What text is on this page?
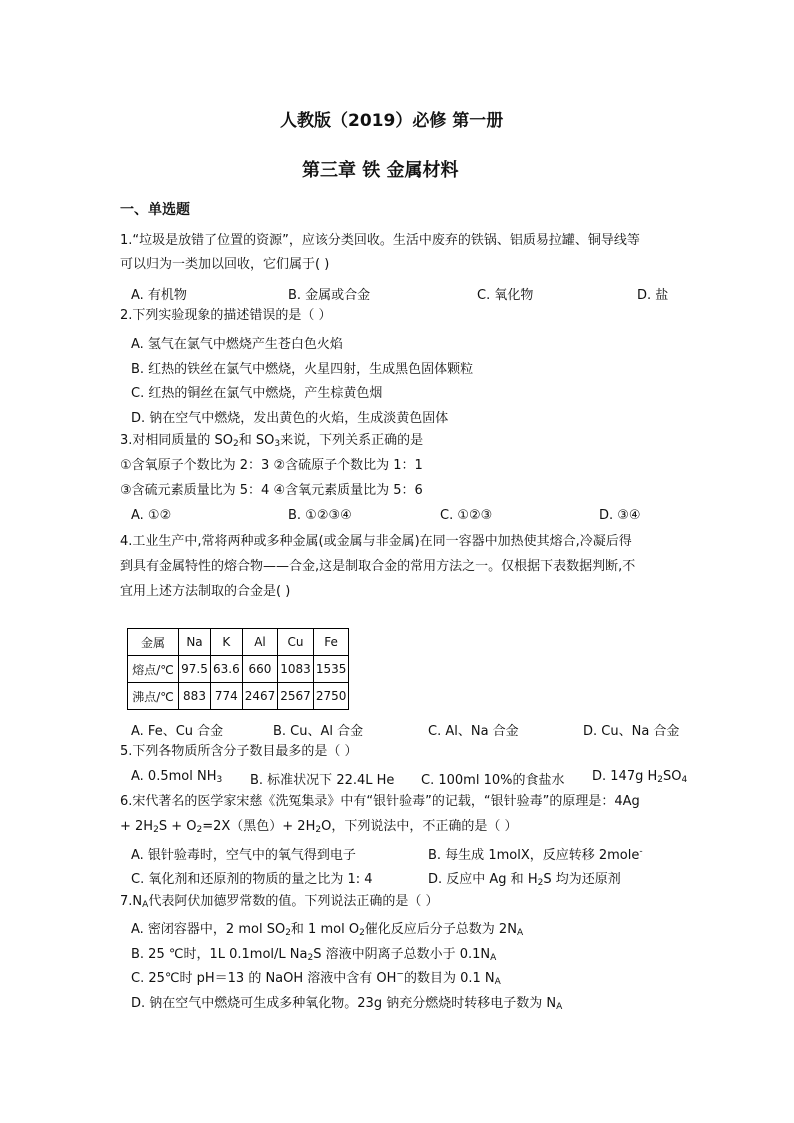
人教版（2019）必修 第一册
第三章 铁 金属材料
一、单选题
1.“垃圾是放错了位置的资源”，应该分类回收。生活中废弃的铁锅、铝质易拉罐、铜导线等
可以归为一类加以回收，它们属于( )
A. 有机物	B. 金属或合金	C. 氧化物	D. 盐
2.下列实验现象的描述错误的是（ ）
A. 氢气在氯气中燃烧产生苍白色火焰
B. 红热的铁丝在氯气中燃烧，火星四射，生成黑色固体颗粒
C. 红热的铜丝在氯气中燃烧，产生棕黄色烟
D. 钠在空气中燃烧，发出黄色的火焰，生成淡黄色固体
3.对相同质量的 $SO_2$和 $SO_3$来说，下列关系正确的是
①含氧原子个数比为 2：3 ②含硫原子个数比为 1：1
③含硫元素质量比为 5：4 ④含氧元素质量比为 5：6
A. ①②	B. ①②③④	C. ①②③	D. ③④
4.工业生产中,常将两种或多种金属(或金属与非金属)在同一容器中加热使其熔合,冷凝后得
到具有金属特性的熔合物——合金,这是制取合金的常用方法之一。仅根据下表数据判断,不
宜用上述方法制取的合金是( )
金属	Na	K	Al	Cu	Fe
熔点/℃	97.5	63.6	660	1083	1535
沸点/℃	883	774	2467	2567	2750
A. Fe、Cu 合金	B. Cu、Al 合金	C. Al、Na 合金	D. Cu、Na 合金
5.下列各物质所含分子数目最多的是（ ）
A. 0.5mol $NH_3$ B. 标准状况下 22.4L He C. 100ml 10%的食盐水 D. 147g $H_2SO_4$
6.宋代著名的医学家宋慈《洗冤集录》中有“银针验毒”的记载，“银针验毒”的原理是：4Ag
+ $2H_2S + O_2=2X$（黑色）+ $2H_2O$，下列说法中，不正确的是（ ）
A. 银针验毒时，空气中的氧气得到电子	B. 每生成 1molX，反应转移 2mole-
C. 氧化剂和还原剂的物质的量之比为 1: 4	D. 反应中 Ag 和 $H_2S$ 均为还原剂
$7.N_A$代表阿伏加德罗常数的值。下列说法正确的是（ ）
A. 密闭容器中，2 mol $SO_2$和 1 mol $O_2$催化反应后分子总数为 $2N_A$
B. 25 ℃时，1L 0.1mol/L $Na_2S$ 溶液中阴离子总数小于 $0.1N_A$
C. 25℃时 pH＝13 的 NaOH 溶液中含有 OH−的数目为 0.1 $N_A$
D. 钠在空气中燃烧可生成多种氧化物。23g 钠充分燃烧时转移电子数为 $N_A$
